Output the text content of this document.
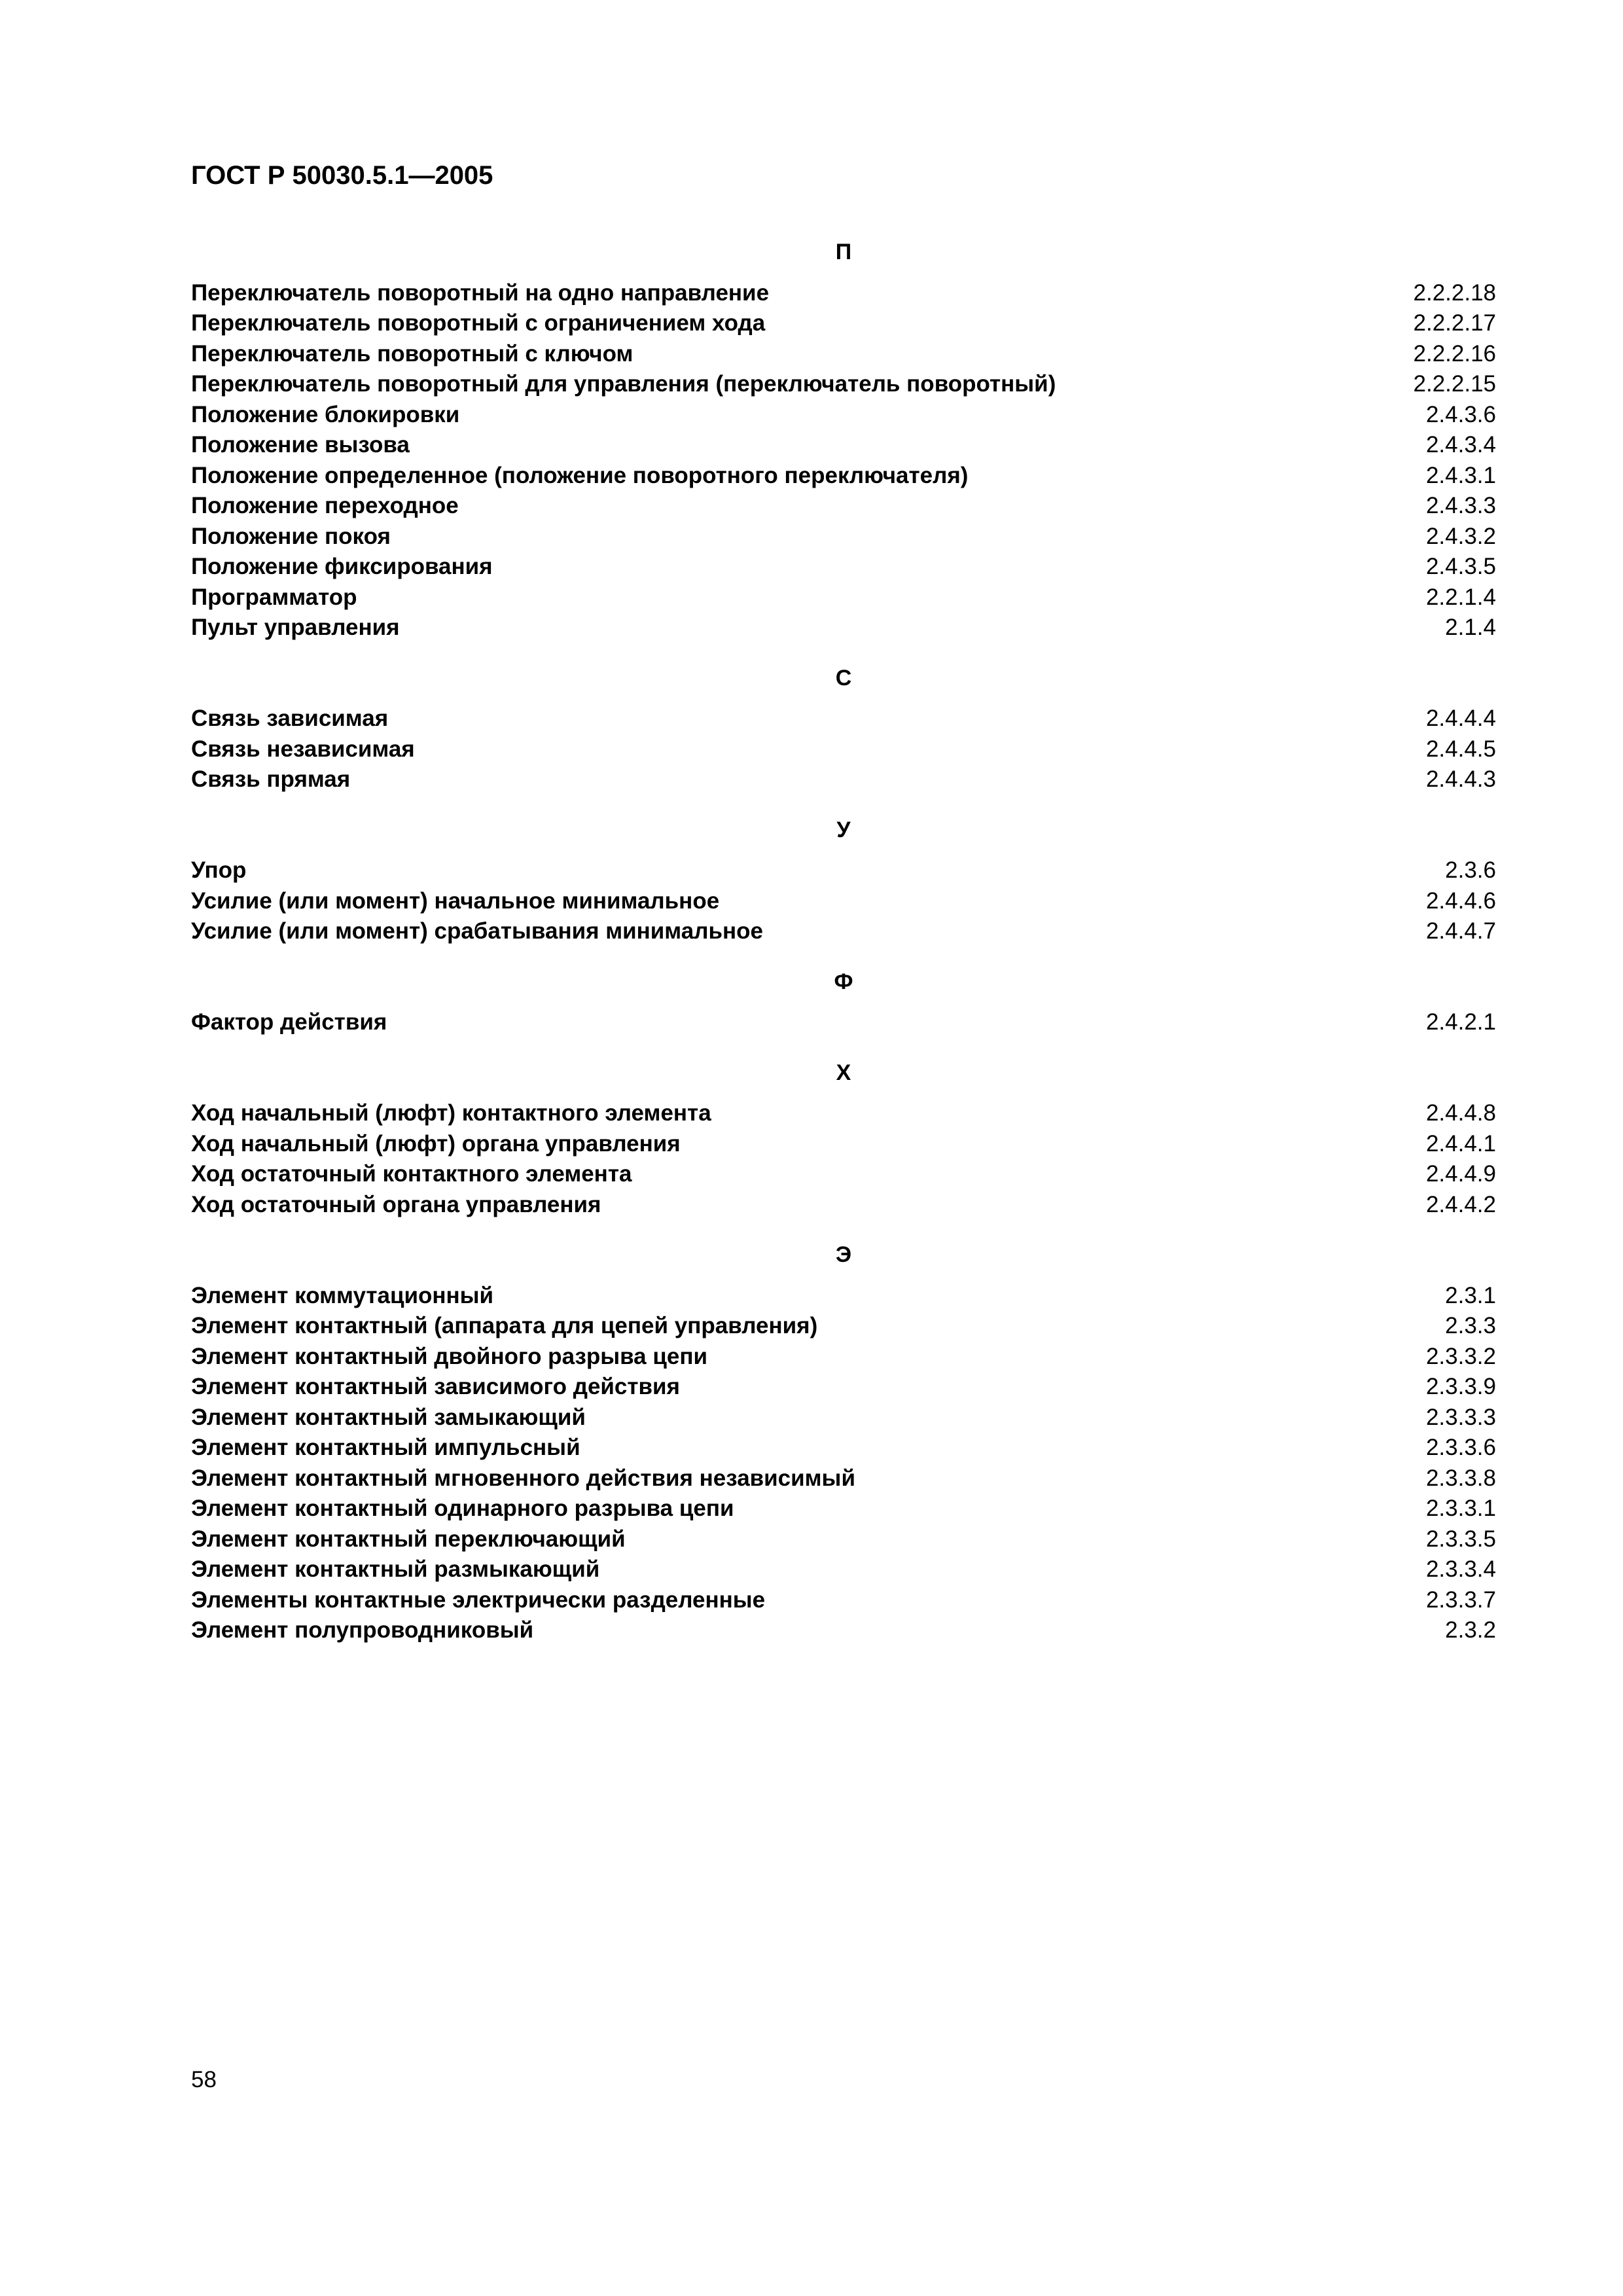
ГОСТ Р 50030.5.1—2005
П
Переключатель поворотный на одно направление	2.2.2.18
Переключатель поворотный с ограничением хода	2.2.2.17
Переключатель поворотный с ключом	2.2.2.16
Переключатель поворотный для управления (переключатель поворотный)	2.2.2.15
Положение блокировки	2.4.3.6
Положение вызова	2.4.3.4
Положение определенное (положение поворотного переключателя)	2.4.3.1
Положение переходное	2.4.3.3
Положение покоя	2.4.3.2
Положение фиксирования	2.4.3.5
Программатор	2.2.1.4
Пульт управления	2.1.4
С
Связь зависимая	2.4.4.4
Связь независимая	2.4.4.5
Связь прямая	2.4.4.3
У
Упор	2.3.6
Усилие (или момент) начальное минимальное	2.4.4.6
Усилие (или момент) срабатывания минимальное	2.4.4.7
Ф
Фактор действия	2.4.2.1
Х
Ход начальный (люфт) контактного элемента	2.4.4.8
Ход начальный (люфт) органа управления	2.4.4.1
Ход остаточный контактного элемента	2.4.4.9
Ход остаточный органа управления	2.4.4.2
Э
Элемент коммутационный	2.3.1
Элемент контактный (аппарата для цепей управления)	2.3.3
Элемент контактный двойного разрыва цепи	2.3.3.2
Элемент контактный зависимого действия	2.3.3.9
Элемент контактный замыкающий	2.3.3.3
Элемент контактный импульсный	2.3.3.6
Элемент контактный мгновенного действия независимый	2.3.3.8
Элемент контактный одинарного разрыва цепи	2.3.3.1
Элемент контактный переключающий	2.3.3.5
Элемент контактный размыкающий	2.3.3.4
Элементы контактные электрически разделенные	2.3.3.7
Элемент полупроводниковый	2.3.2
58
